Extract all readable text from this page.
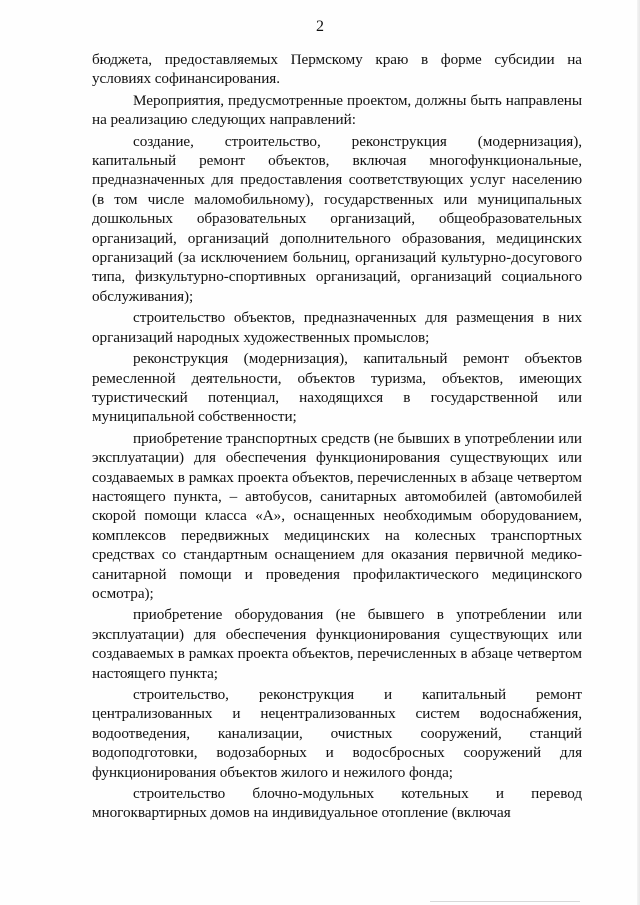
2

бюджета, предоставляемых Пермскому краю в форме субсидии на условиях софинансирования.

Мероприятия, предусмотренные проектом, должны быть направлены на реализацию следующих направлений:

создание, строительство, реконструкция (модернизация), капитальный ремонт объектов, включая многофункциональные, предназначенных для предоставления соответствующих услуг населению (в том числе маломобильному), государственных или муниципальных дошкольных образовательных организаций, общеобразовательных организаций, организаций дополнительного образования, медицинских организаций (за исключением больниц, организаций культурно-досугового типа, физкультурно-спортивных организаций, организаций социального обслуживания);

строительство объектов, предназначенных для размещения в них организаций народных художественных промыслов;

реконструкция (модернизация), капитальный ремонт объектов ремесленной деятельности, объектов туризма, объектов, имеющих туристический потенциал, находящихся в государственной или муниципальной собственности;

приобретение транспортных средств (не бывших в употреблении или эксплуатации) для обеспечения функционирования существующих или создаваемых в рамках проекта объектов, перечисленных в абзаце четвертом настоящего пункта, – автобусов, санитарных автомобилей (автомобилей скорой помощи класса «А», оснащенных необходимым оборудованием, комплексов передвижных медицинских на колесных транспортных средствах со стандартным оснащением для оказания первичной медико-санитарной помощи и проведения профилактического медицинского осмотра);

приобретение оборудования (не бывшего в употреблении или эксплуатации) для обеспечения функционирования существующих или создаваемых в рамках проекта объектов, перечисленных в абзаце четвертом настоящего пункта;

строительство, реконструкция и капитальный ремонт централизованных и нецентрализованных систем водоснабжения, водоотведения, канализации, очистных сооружений, станций водоподготовки, водозаборных и водосбросных сооружений для функционирования объектов жилого и нежилого фонда;

строительство блочно-модульных котельных и перевод многоквартирных домов на индивидуальное отопление (включая
